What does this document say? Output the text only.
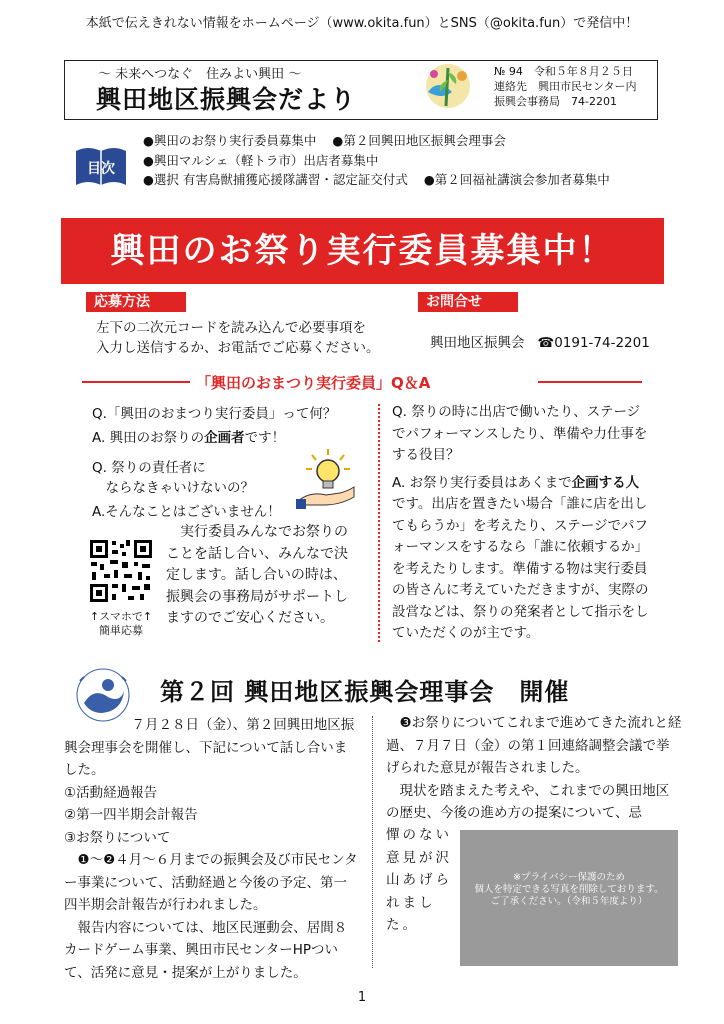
本紙で伝えきれない情報をホームページ（www.okita.fun）とSNS（@okita.fun）で発信中！
～ 未来へつなぐ　住みよい興田 ～
興田地区振興会だより
№ 94　令和５年８月２５日
連絡先　興田市民センター内
振興会事務局　74-2201
目次
●興田のお祭り実行委員募集中 ●第２回興田地区振興会理事会
●興田マルシェ（軽トラ市）出店者募集中
●選択 有害鳥獣捕獲応援隊講習・認定証交付式 ●第２回福祉講演会参加者募集中
興田のお祭り実行委員募集中！
応募方法	お問合せ
左下の二次元コードを読み込んで必要事項を
入力し送信するか、お電話でご応募ください。	興田地区振興会 ☎0191-74-2201
「興田のおまつり実行委員」Q＆A

Q.「興田のおまつり実行委員」って何？

A. 興田のお祭りの企画者です！

Q. 祭りの責任者に
　ならなきゃいけないの？

A.そんなことはございません！

↑スマホで↑
簡単応募
　実行委員みんなでお祭りのことを話し合い、みんなで決定します。話し合いの時は、振興会の事務局がサポートしますのでご安心ください。

Q. 祭りの時に出店で働いたり、ステージでパフォーマンスしたり、準備や力仕事をする役目？

A. お祭り実行委員はあくまで企画する人です。出店を置きたい場合「誰に店を出してもらうか」を考えたり、ステージでパフォーマンスをするなら「誰に依頼するか」を考えたりします。準備する物は実行委員の皆さんに考えていただきますが、実際の設営などは、祭りの発案者として指示をしていただくのが主です。

第２回 興田地区振興会理事会　開催

　　　　　７月２８日（金）、第２回興田地区振興会理事会を開催し、下記について話し合いました。

①活動経過報告

②第一四半期会計報告

③お祭りについて

　❶～❷４月～６月までの振興会及び市民センター事業について、活動経過と今後の予定、第一四半期会計報告が行われました。

　報告内容については、地区民運動会、居間８カードゲーム事業、興田市民センターHPついて、活発に意見・提案が上がりました。

　❸お祭りについてこれまで進めてきた流れと経過、７月７日（金）の第１回連絡調整会議で挙げられた意見が報告されました。

　現状を踏まえた考えや、これまでの興田地区の歴史、今後の進め方の提案について、忌

憚のない意見が沢山あげられました。
※プライバシー保護のため
個人を特定できる写真を削除しております。
ご了承ください。（令和５年度より）
1
